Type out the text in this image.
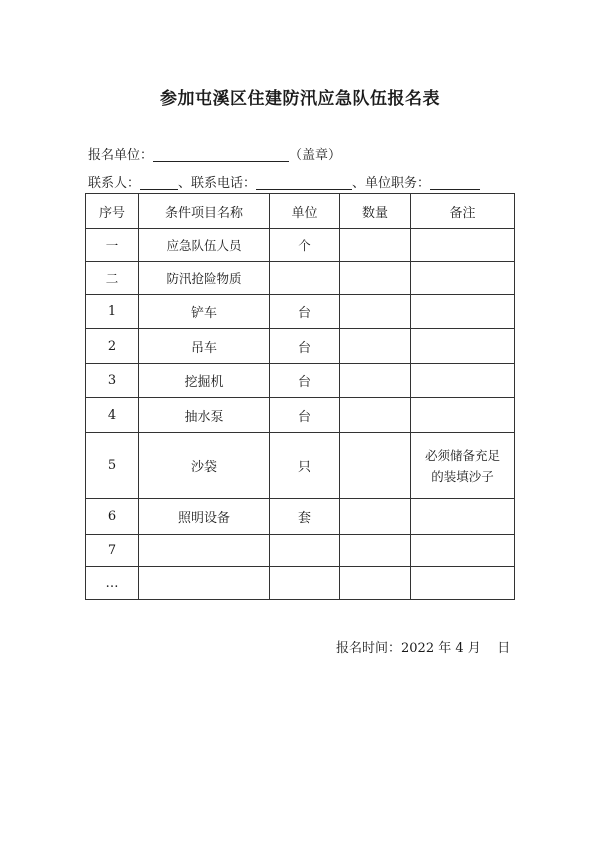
参加屯溪区住建防汛应急队伍报名表
报名单位：	（盖章）
联系人：	、联系电话：	、单位职务：
序号	条件项目名称	单位	数量	备注
一	应急队伍人员	个		
二	防汛抢险物质			
1	铲车	台		
2	吊车	台		
3	挖掘机	台		
4	抽水泵	台		
5	沙袋	只		必须储备充足
的装填沙子

6	照明设备	套		
7				
…				
报名时间：2022 年 4 月 日
